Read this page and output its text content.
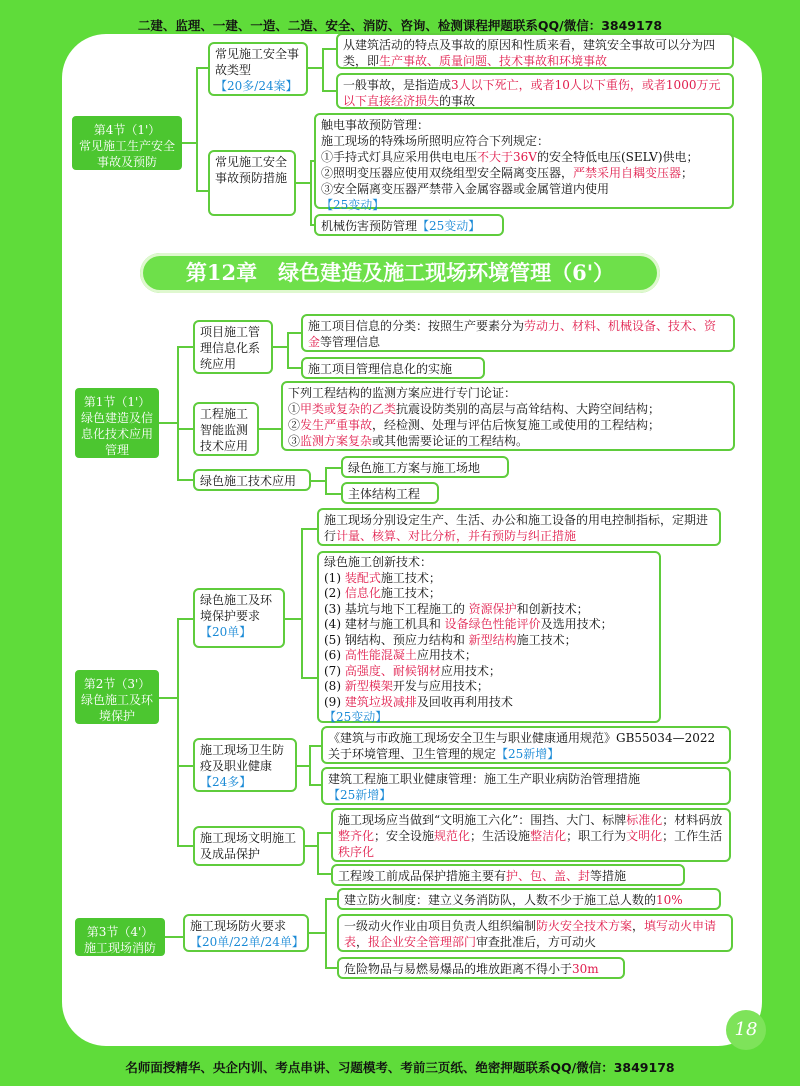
二建、监理、一建、一造、二造、安全、消防、咨询、检测课程押题联系QQ/微信：3849178
第4节（1'）
常见施工生产安全事故及预防
常见施工安全事故类型
【20多/24案】
从建筑活动的特点及事故的原因和性质来看，建筑安全事故可以分为四类，即生产事故、质量问题、技术事故和环境事故
一般事故，是指造成3人以下死亡，或者10人以下重伤，或者1000万元以下直接经济损失的事故
常见施工安全事故预防措施
触电事故预防管理：
施工现场的特殊场所照明应符合下列规定：
①手持式灯具应采用供电电压不大于36V的安全特低电压(SELV)供电；
②照明变压器应使用双绕组型安全隔离变压器，严禁采用自耦变压器；
③安全隔离变压器严禁带入金属容器或金属管道内使用
【25变动】
机械伤害预防管理【25变动】
第12章　绿色建造及施工现场环境管理（6'）
第1节（1'）
绿色建造及信息化技术应用管理
项目施工管理信息化系统应用
施工项目信息的分类：按照生产要素分为劳动力、材料、机械设备、技术、资金等管理信息
施工项目管理信息化的实施
工程施工智能监测技术应用
下列工程结构的监测方案应进行专门论证：
①甲类或复杂的乙类抗震设防类别的高层与高耸结构、大跨空间结构；
②发生严重事故，经检测、处理与评估后恢复施工或使用的工程结构；
③监测方案复杂或其他需要论证的工程结构。
绿色施工技术应用
绿色施工方案与施工场地
主体结构工程
第2节（3'）
绿色施工及环境保护
绿色施工及环境保护要求
【20单】
施工现场分别设定生产、生活、办公和施工设备的用电控制指标，定期进行计量、核算、对比分析，并有预防与纠正措施
绿色施工创新技术：
(1) 装配式施工技术；
(2) 信息化施工技术；
(3) 基坑与地下工程施工的 资源保护和创新技术；
(4) 建材与施工机具和 设备绿色性能评价及选用技术；
(5) 钢结构、预应力结构和 新型结构施工技术；
(6) 高性能混凝土应用技术；
(7) 高强度、耐候钢材应用技术；
(8) 新型模架开发与应用技术；
(9) 建筑垃圾减排及回收再利用技术
【25变动】
施工现场卫生防疫及职业健康
【24多】
《建筑与市政施工现场安全卫生与职业健康通用规范》GB55034—2022关于环境管理、卫生管理的规定【25新增】
建筑工程施工职业健康管理：施工生产职业病防治管理措施
【25新增】
施工现场文明施工及成品保护
施工现场应当做到“文明施工六化”：围挡、大门、标牌标准化；材料码放整齐化；安全设施规范化；生活设施整洁化；职工行为文明化；工作生活秩序化
工程竣工前成品保护措施主要有护、包、盖、封等措施
第3节（4'）
施工现场消防
施工现场防火要求
【20单/22单/24单】
建立防火制度：建立义务消防队，人数不少于施工总人数的10%
一级动火作业由项目负责人组织编制防火安全技术方案，填写动火申请表，报企业安全管理部门审查批准后，方可动火
危险物品与易燃易爆品的堆放距离不得小于30m
18
名师面授精华、央企内训、考点串讲、习题模考、考前三页纸、绝密押题联系QQ/微信：3849178
